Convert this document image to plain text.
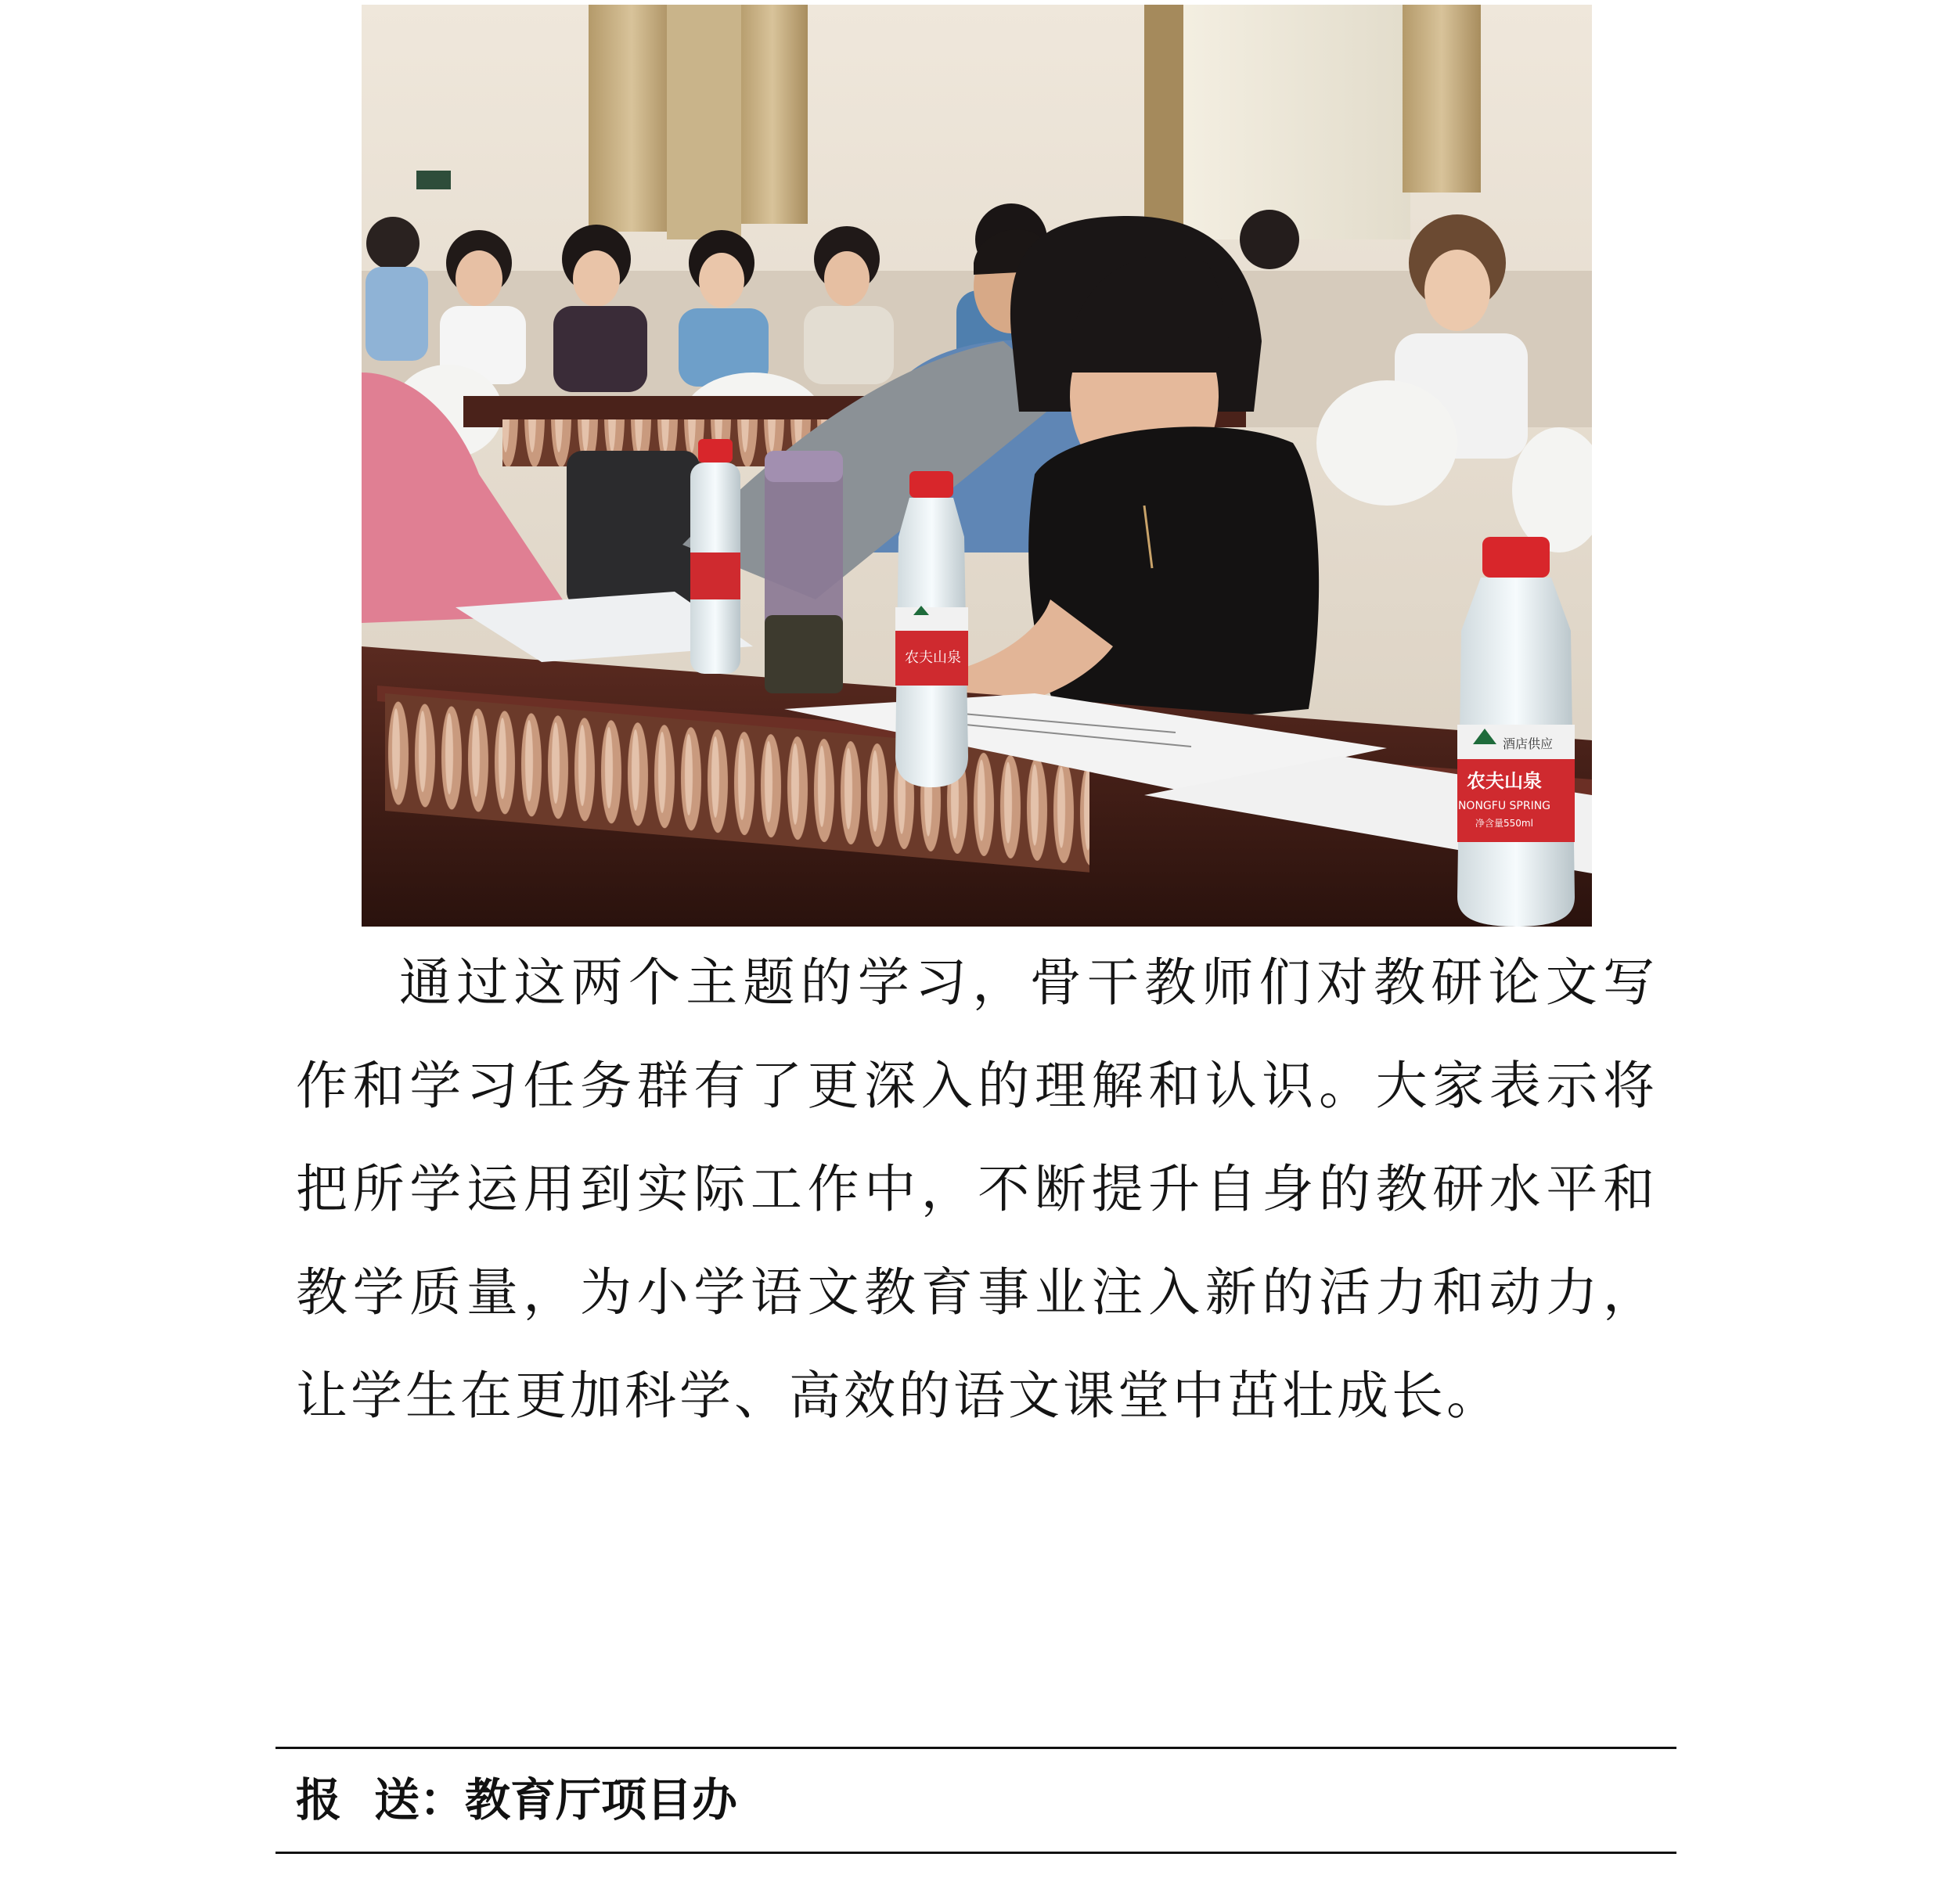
农夫山泉
酒店供应
农夫山泉
NONGFU SPRING
净含量550ml
通过这两个主题的学习，骨干教师们对教研论文写作和学习任务群有了更深入的理解和认识。大家表示将把所学运用到实际工作中，不断提升自身的教研水平和教学质量，为小学语文教育事业注入新的活力和动力，让学生在更加科学、高效的语文课堂中茁壮成长。
报 送：教育厅项目办
